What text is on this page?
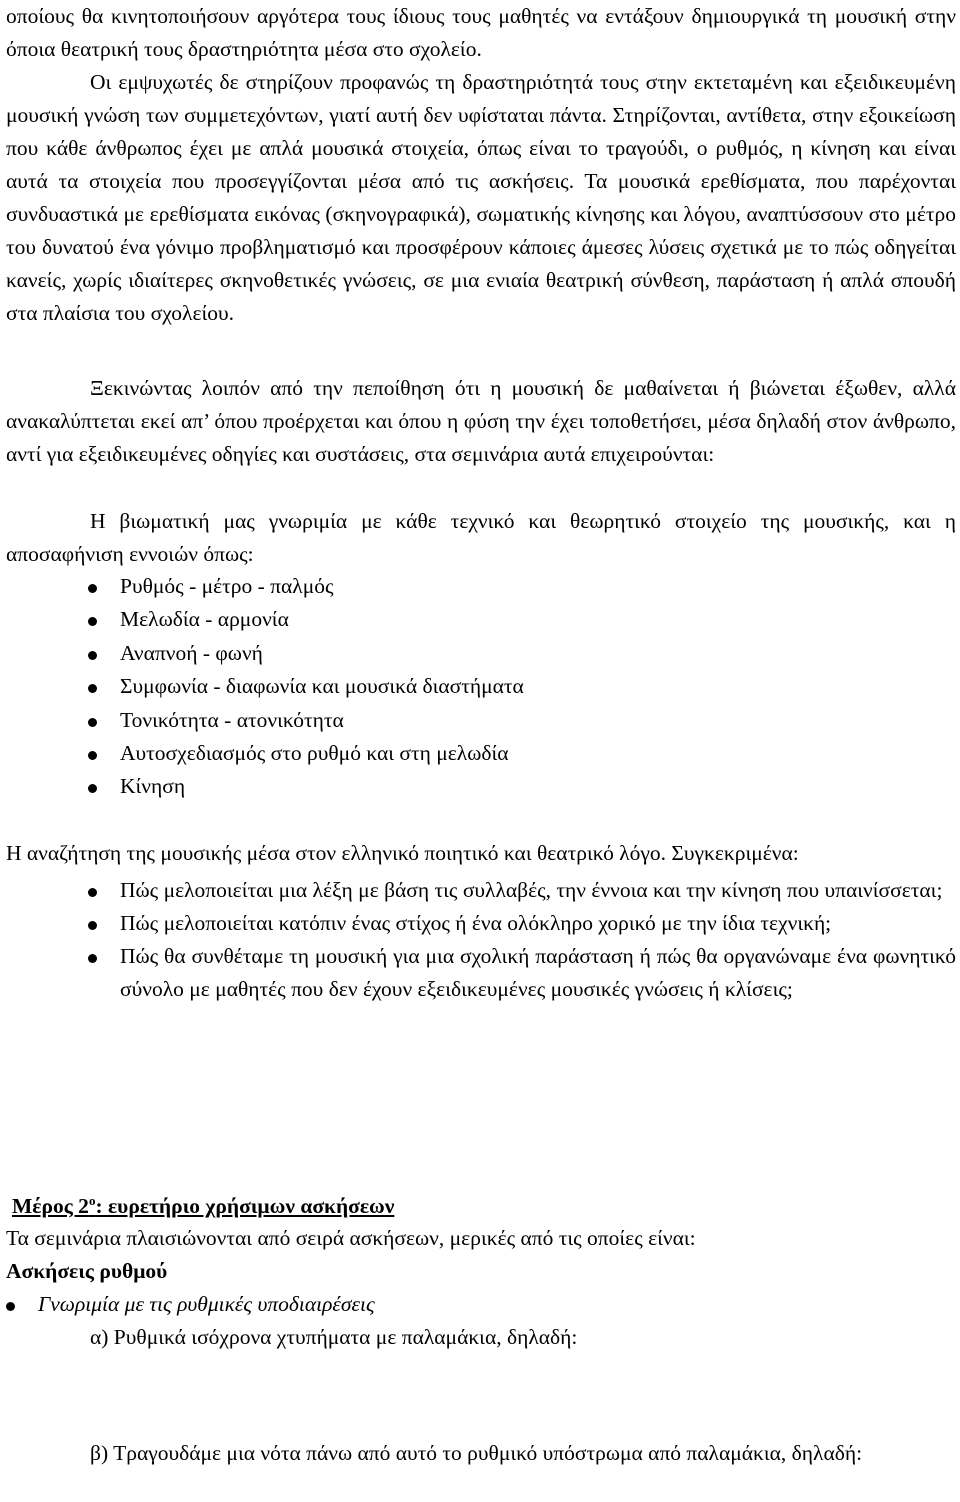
οποίους θα κινητοποιήσουν αργότερα τους ίδιους τους μαθητές να εντάξουν δημιουργικά τη μουσική στην όποια θεατρική τους δραστηριότητα μέσα στο σχολείο.

Οι εμψυχωτές δε στηρίζουν προφανώς τη δραστηριότητά τους στην εκτεταμένη και εξειδικευμένη μουσική γνώση των συμμετεχόντων, γιατί αυτή δεν υφίσταται πάντα. Στηρίζονται, αντίθετα, στην εξοικείωση που κάθε άνθρωπος έχει με απλά μουσικά στοιχεία, όπως είναι το τραγούδι, ο ρυθμός, η κίνηση και είναι αυτά τα στοιχεία που προσεγγίζονται μέσα από τις ασκήσεις. Τα μουσικά ερεθίσματα, που παρέχονται συνδυαστικά με ερεθίσματα εικόνας (σκηνογραφικά), σωματικής κίνησης και λόγου, αναπτύσσουν στο μέτρο του δυνατού ένα γόνιμο προβληματισμό και προσφέρουν κάποιες άμεσες λύσεις σχετικά με το πώς οδηγείται κανείς, χωρίς ιδιαίτερες σκηνοθετικές γνώσεις, σε μια ενιαία θεατρική σύνθεση, παράσταση ή απλά σπουδή στα πλαίσια του σχολείου.

Ξεκινώντας λοιπόν από την πεποίθηση ότι η μουσική δε μαθαίνεται ή βιώνεται έξωθεν, αλλά ανακαλύπτεται εκεί απ’ όπου προέρχεται και όπου η φύση την έχει τοποθετήσει, μέσα δηλαδή στον άνθρωπο, αντί για εξειδικευμένες οδηγίες και συστάσεις, στα σεμινάρια αυτά επιχειρούνται:

Η βιωματική μας γνωριμία με κάθε τεχνικό και θεωρητικό στοιχείο της μουσικής, και η αποσαφήνιση εννοιών όπως:

Ρυθμός - μέτρο - παλμός
Μελωδία - αρμονία
Αναπνοή - φωνή
Συμφωνία - διαφωνία και μουσικά διαστήματα
Τονικότητα - ατονικότητα
Αυτοσχεδιασμός στο ρυθμό και στη μελωδία
Κίνηση

Η αναζήτηση της μουσικής μέσα στον ελληνικό ποιητικό και θεατρικό λόγο. Συγκεκριμένα:

Πώς μελοποιείται μια λέξη με βάση τις συλλαβές, την έννοια και την κίνηση που υπαινίσσεται;
Πώς μελοποιείται κατόπιν ένας στίχος ή ένα ολόκληρο χορικό με την ίδια τεχνική;
Πώς θα συνθέταμε τη μουσική για μια σχολική παράσταση ή πώς θα οργανώναμε ένα φωνητικό σύνολο με μαθητές που δεν έχουν εξειδικευμένες μουσικές γνώσεις ή κλίσεις;
Μέρος $2^o$: ευρετήριο χρήσιμων ασκήσεων
Τα σεμινάρια πλαισιώνονται από σειρά ασκήσεων, μερικές από τις οποίες είναι:
Ασκήσεις ρυθμού
Γνωριμία με τις ρυθμικές υποδιαιρέσεις
α) Ρυθμικά ισόχρονα χτυπήματα με παλαμάκια, δηλαδή:

β) Τραγουδάμε μια νότα πάνω από αυτό το ρυθμικό υπόστρωμα από παλαμάκια, δηλαδή:
